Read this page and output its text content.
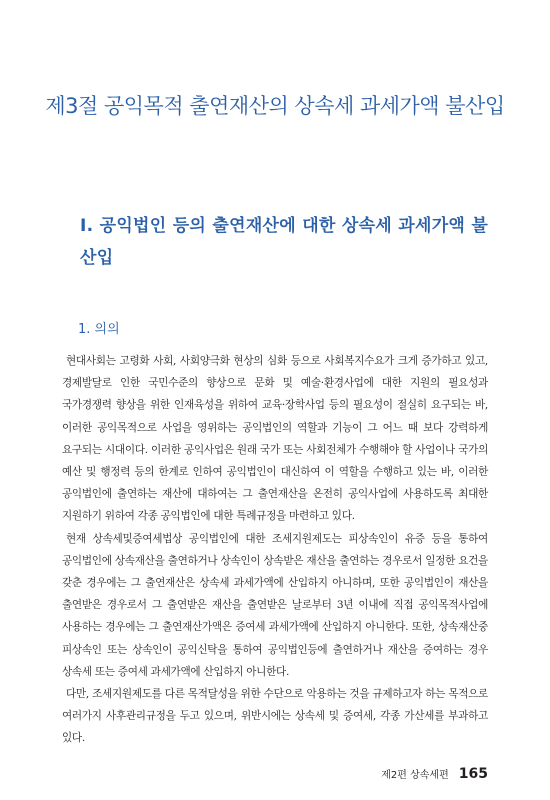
제3절 공익목적 출연재산의 상속세 과세가액 불산입
Ⅰ. 공익법인 등의 출연재산에 대한 상속세 과세가액 불산입
1. 의의

현대사회는 고령화 사회, 사회양극화 현상의 심화 등으로 사회복지수요가 크게 증가하고 있고, 경제발달로 인한 국민수준의 향상으로 문화 및 예술·환경사업에 대한 지원의 필요성과 국가경쟁력 향상을 위한 인재육성을 위하여 교육·장학사업 등의 필요성이 절실히 요구되는 바, 이러한 공익목적으로 사업을 영위하는 공익법인의 역할과 기능이 그 어느 때 보다 강력하게 요구되는 시대이다. 이러한 공익사업은 원래 국가 또는 사회전체가 수행해야 할 사업이나 국가의 예산 및 행정력 등의 한계로 인하여 공익법인이 대신하여 이 역할을 수행하고 있는 바, 이러한 공익법인에 출연하는 재산에 대하여는 그 출연재산을 온전히 공익사업에 사용하도록 최대한 지원하기 위하여 각종 공익법인에 대한 특례규정을 마련하고 있다.

현재 상속세및증여세법상 공익법인에 대한 조세지원제도는 피상속인이 유증 등을 통하여 공익법인에 상속재산을 출연하거나 상속인이 상속받은 재산을 출연하는 경우로서 일정한 요건을 갖춘 경우에는 그 출연재산은 상속세 과세가액에 산입하지 아니하며, 또한 공익법인이 재산을 출연받은 경우로서 그 출연받은 재산을 출연받은 날로부터 3년 이내에 직접 공익목적사업에 사용하는 경우에는 그 출연재산가액은 증여세 과세가액에 산입하지 아니한다. 또한, 상속재산중 피상속인 또는 상속인이 공익신탁을 통하여 공익법인등에 출연하거나 재산을 증여하는 경우 상속세 또는 증여세 과세가액에 산입하지 아니한다.

다만, 조세지원제도를 다른 목적달성을 위한 수단으로 악용하는 것을 규제하고자 하는 목적으로 여러가지 사후관리규정을 두고 있으며, 위반시에는 상속세 및 증여세, 각종 가산세를 부과하고 있다.

제2편 상속세편 165
